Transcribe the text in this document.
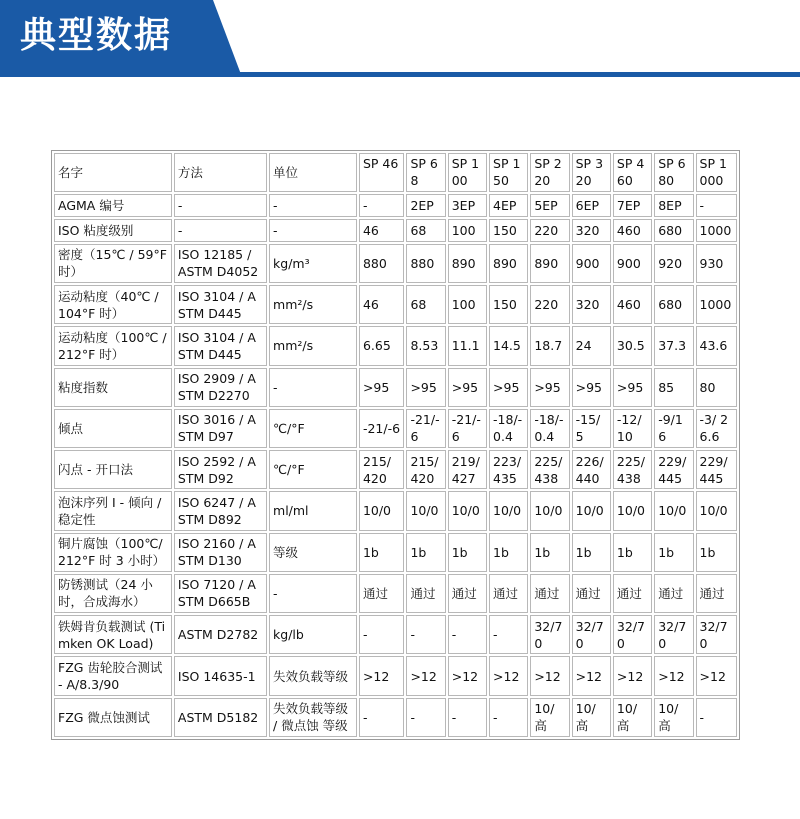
典型数据
名字	方法	单位	SP 46	SP 68	SP 100	SP 150	SP 220	SP 320	SP 460	SP 680	SP 1000
AGMA 编号	-	-	-	2EP	3EP	4EP	5EP	6EP	7EP	8EP	-
ISO 粘度级别	-	-	46	68	100	150	220	320	460	680	1000
密度（15℃ / 59°F 时）	ISO 12185 / ASTM D4052	kg/m³	880	880	890	890	890	900	900	920	930
运动粘度（40℃ / 104°F 时）	ISO 3104 / ASTM D445	mm²/s	46	68	100	150	220	320	460	680	1000
运动粘度（100℃ / 212°F 时）	ISO 3104 / ASTM D445	mm²/s	6.65	8.53	11.1	14.5	18.7	24	30.5	37.3	43.6
粘度指数	ISO 2909 / ASTM D2270	-	>95	>95	>95	>95	>95	>95	>95	85	80
倾点	ISO 3016 / ASTM D97	℃/°F	-21/-6	-21/-6	-21/-6	-18/-0.4	-18/-0.4	-15/5	-12/10	-9/16	-3/ 26.6
闪点 - 开口法	ISO 2592 / ASTM D92	℃/°F	215/ 420	215/ 420	219/ 427	223/ 435	225/ 438	226/ 440	225/ 438	229/ 445	229/ 445
泡沫序列 I - 倾向 / 稳定性	ISO 6247 / ASTM D892	ml/ml	10/0	10/0	10/0	10/0	10/0	10/0	10/0	10/0	10/0
铜片腐蚀（100℃/ 212°F 时 3 小时）	ISO 2160 / ASTM D130	等级	1b	1b	1b	1b	1b	1b	1b	1b	1b
防锈测试（24 小时，合成海水）	ISO 7120 / ASTM D665B	-	通过	通过	通过	通过	通过	通过	通过	通过	通过
铁姆肯负载测试 (Timken OK Load)	ASTM D2782	kg/lb	-	-	-	-	32/70	32/70	32/70	32/70	32/70
FZG 齿轮胶合测试 - A/8.3/90	ISO 14635-1	失效负载等级	>12	>12	>12	>12	>12	>12	>12	>12	>12
FZG 微点蚀测试	ASTM D5182	失效负载等级 / 微点蚀 等级	-	-	-	-	10/高	10/高	10/高	10/高	-
